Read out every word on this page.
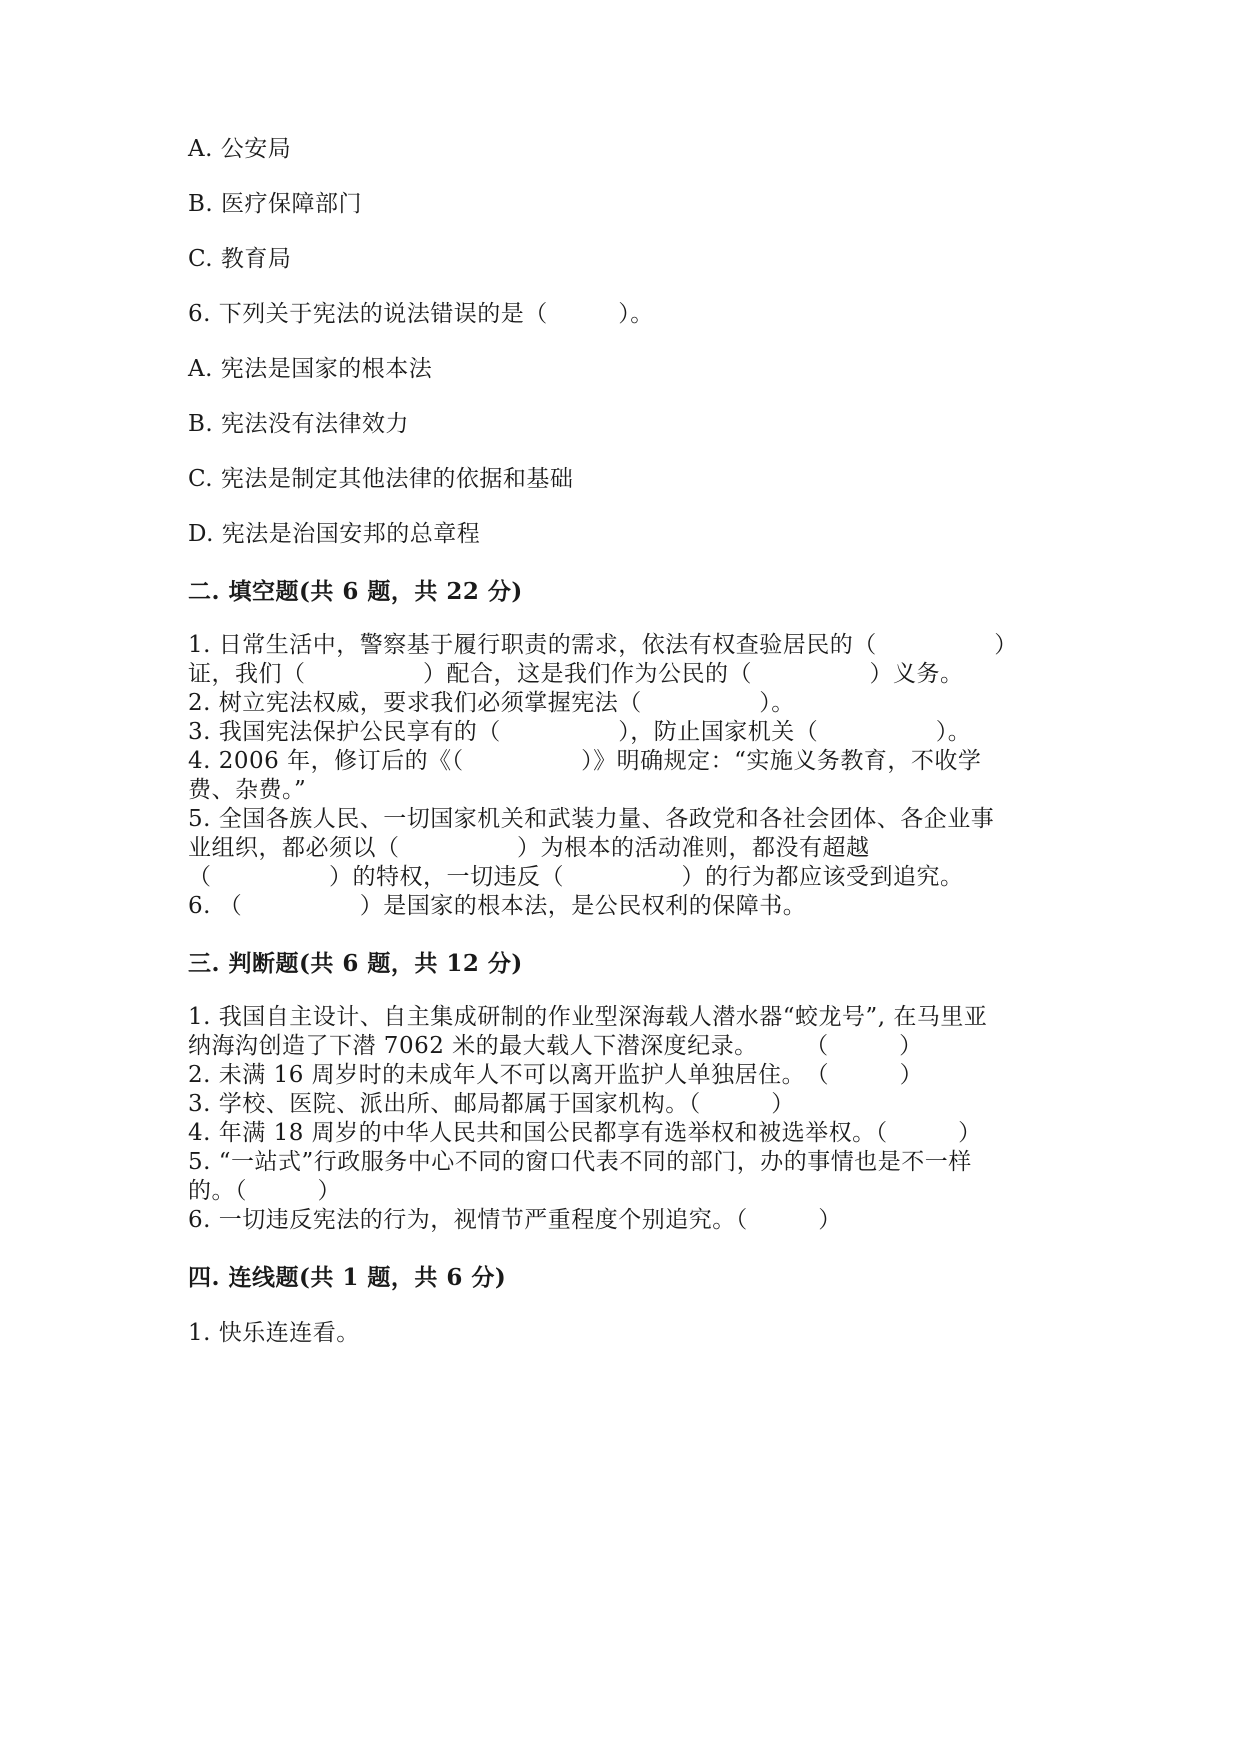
A. 公安局
B. 医疗保障部门
C. 教育局
6. 下列关于宪法的说法错误的是（　　　）。
A. 宪法是国家的根本法
B. 宪法没有法律效力
C. 宪法是制定其他法律的依据和基础
D. 宪法是治国安邦的总章程
二. 填空题(共 6 题，共 22 分)
1. 日常生活中，警察基于履行职责的需求，依法有权查验居民的（　　　　　）
证，我们（　　　　　）配合，这是我们作为公民的（　　　　　）义务。
2. 树立宪法权威，要求我们必须掌握宪法（　　　　　）。
3. 我国宪法保护公民享有的（　　　　　），防止国家机关（　　　　　）。
4. 2006 年，修订后的《（　　　　　）》明确规定：“实施义务教育，不收学
费、杂费。”
5. 全国各族人民、一切国家机关和武装力量、各政党和各社会团体、各企业事
业组织，都必须以（　　　　　）为根本的活动准则，都没有超越
（　　　　　）的特权，一切违反（　　　　　）的行为都应该受到追究。
6. （　　　　　）是国家的根本法，是公民权利的保障书。
三. 判断题(共 6 题，共 12 分)
1. 我国自主设计、自主集成研制的作业型深海载人潜水器“蛟龙号”, 在马里亚
纳海沟创造了下潜 7062 米的最大载人下潜深度纪录。　　　（　　　）
2. 未满 16 周岁时的未成年人不可以离开监护人单独居住。　（　　　）
3. 学校、医院、派出所、邮局都属于国家机构。（　　　）
4. 年满 18 周岁的中华人民共和国公民都享有选举权和被选举权。（　　　）
5. “一站式”行政服务中心不同的窗口代表不同的部门，办的事情也是不一样
的。（　　　）
6. 一切违反宪法的行为，视情节严重程度个别追究。（　　　）
四. 连线题(共 1 题，共 6 分)
1. 快乐连连看。
